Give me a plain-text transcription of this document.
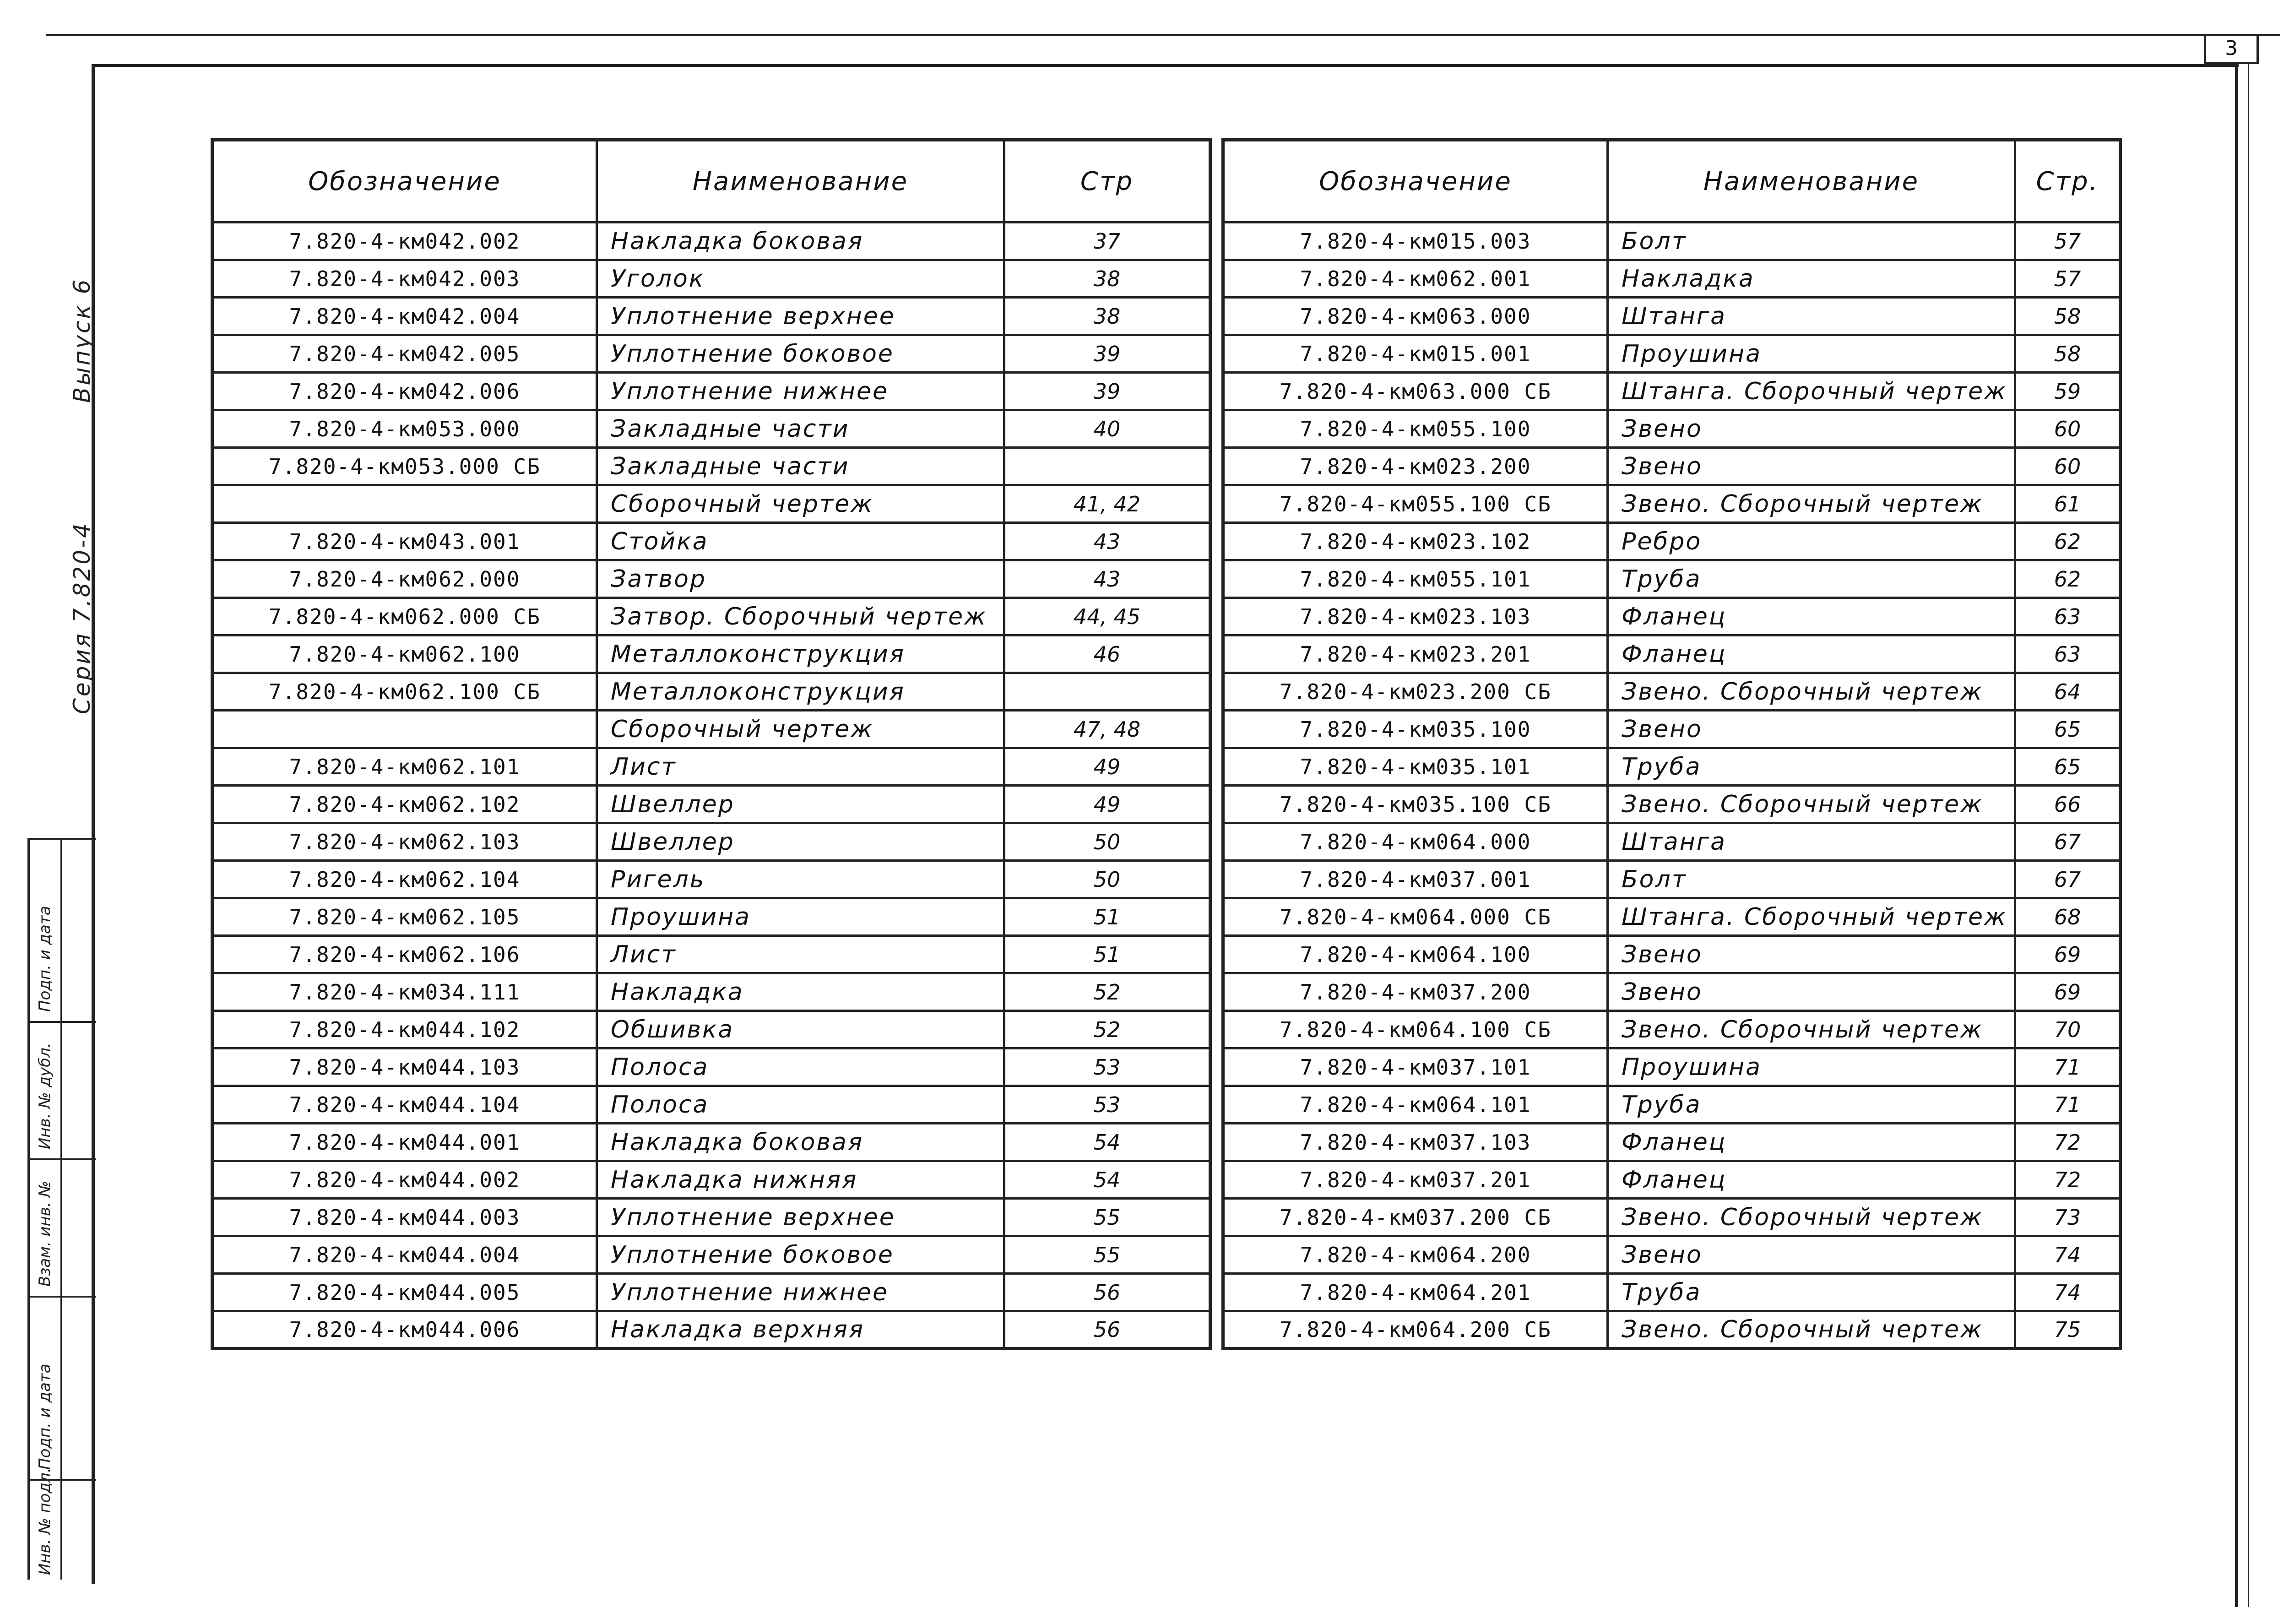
3
Выпуск 6
Серия 7.820-4
Подп. и дата
Инв. № дубл.
Взам. инв. №
Подп. и дата
Инв. № подл.
Обозначение	Наименование	Стр
7.820-4-км042.002	Накладка боковая	37
7.820-4-км042.003	Уголок	38
7.820-4-км042.004	Уплотнение верхнее	38
7.820-4-км042.005	Уплотнение боковое	39
7.820-4-км042.006	Уплотнение нижнее	39
7.820-4-км053.000	Закладные части	40
7.820-4-км053.000 СБ	Закладные части	
	Сборочный чертеж	41, 42
7.820-4-км043.001	Стойка	43
7.820-4-км062.000	Затвор	43
7.820-4-км062.000 СБ	Затвор. Сборочный чертеж	44, 45
7.820-4-км062.100	Металлоконструкция	46
7.820-4-км062.100 СБ	Металлоконструкция	
	Сборочный чертеж	47, 48
7.820-4-км062.101	Лист	49
7.820-4-км062.102	Швеллер	49
7.820-4-км062.103	Швеллер	50
7.820-4-км062.104	Ригель	50
7.820-4-км062.105	Проушина	51
7.820-4-км062.106	Лист	51
7.820-4-км034.111	Накладка	52
7.820-4-км044.102	Обшивка	52
7.820-4-км044.103	Полоса	53
7.820-4-км044.104	Полоса	53
7.820-4-км044.001	Накладка боковая	54
7.820-4-км044.002	Накладка нижняя	54
7.820-4-км044.003	Уплотнение верхнее	55
7.820-4-км044.004	Уплотнение боковое	55
7.820-4-км044.005	Уплотнение нижнее	56
7.820-4-км044.006	Накладка верхняя	56
Обозначение	Наименование	Стр.
7.820-4-км015.003	Болт	57
7.820-4-км062.001	Накладка	57
7.820-4-км063.000	Штанга	58
7.820-4-км015.001	Проушина	58
7.820-4-км063.000 СБ	Штанга. Сборочный чертеж	59
7.820-4-км055.100	Звено	60
7.820-4-км023.200	Звено	60
7.820-4-км055.100 СБ	Звено. Сборочный чертеж	61
7.820-4-км023.102	Ребро	62
7.820-4-км055.101	Труба	62
7.820-4-км023.103	Фланец	63
7.820-4-км023.201	Фланец	63
7.820-4-км023.200 СБ	Звено. Сборочный чертеж	64
7.820-4-км035.100	Звено	65
7.820-4-км035.101	Труба	65
7.820-4-км035.100 СБ	Звено. Сборочный чертеж	66
7.820-4-км064.000	Штанга	67
7.820-4-км037.001	Болт	67
7.820-4-км064.000 СБ	Штанга. Сборочный чертеж	68
7.820-4-км064.100	Звено	69
7.820-4-км037.200	Звено	69
7.820-4-км064.100 СБ	Звено. Сборочный чертеж	70
7.820-4-км037.101	Проушина	71
7.820-4-км064.101	Труба	71
7.820-4-км037.103	Фланец	72
7.820-4-км037.201	Фланец	72
7.820-4-км037.200 СБ	Звено. Сборочный чертеж	73
7.820-4-км064.200	Звено	74
7.820-4-км064.201	Труба	74
7.820-4-км064.200 СБ	Звено. Сборочный чертеж	75
